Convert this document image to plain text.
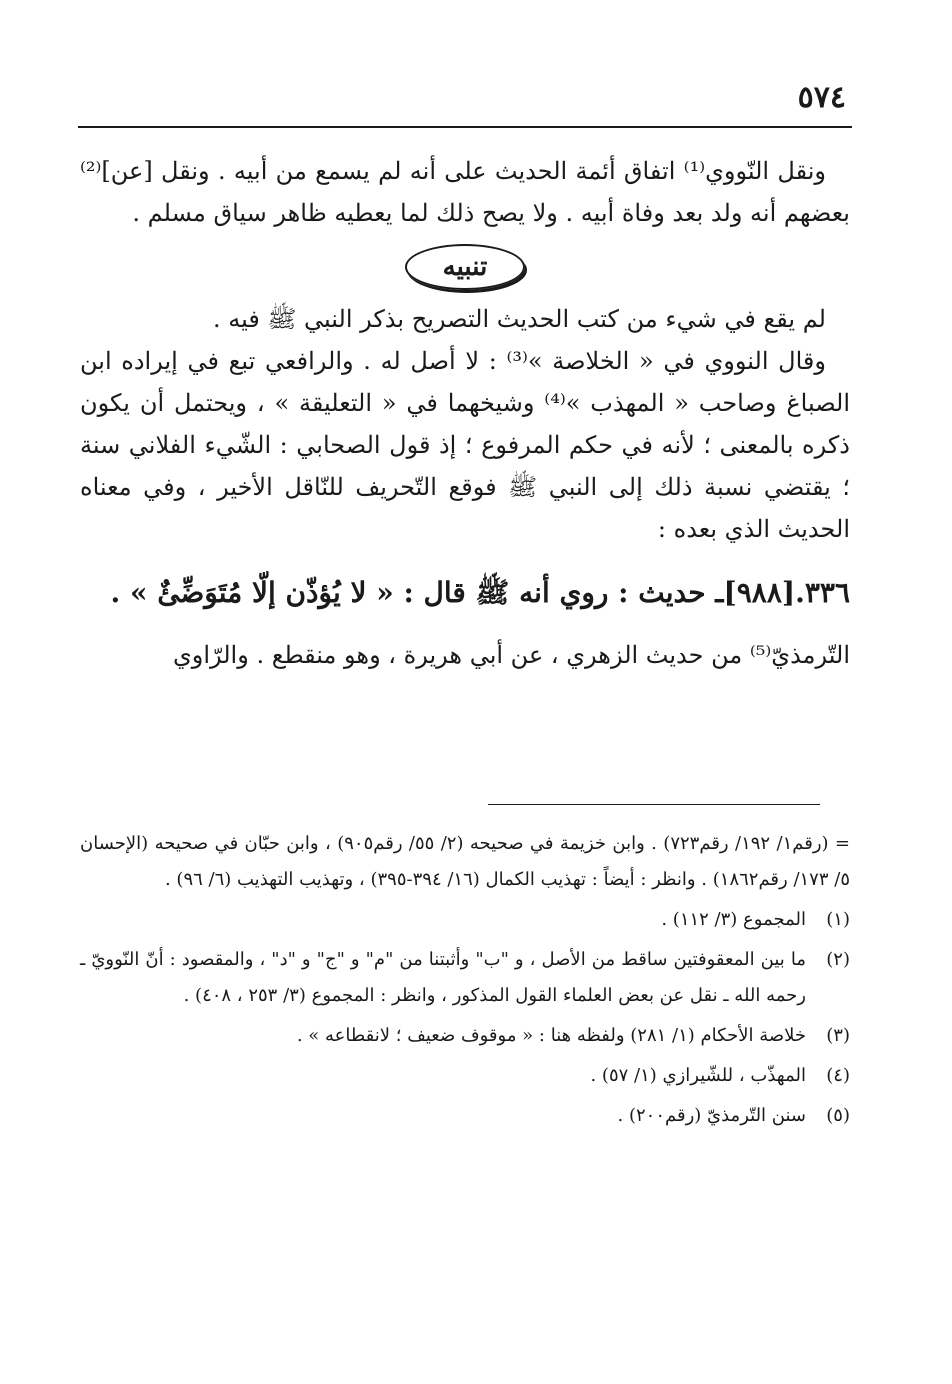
٥٧٤

ونقل النّووي⁽¹⁾ اتفاق أئمة الحديث على أنه لم يسمع من أبيه . ونقل [عن]⁽²⁾ بعضهم أنه ولد بعد وفاة أبيه . ولا يصح ذلك لما يعطيه ظاهر سياق مسلم .

تنبيه

لم يقع في شيء من كتب الحديث التصريح بذكر النبي ﷺ فيه .

وقال النووي في « الخلاصة »⁽³⁾ : لا أصل له . والرافعي تبع في إيراده ابن الصباغ وصاحب « المهذب »⁽⁴⁾ وشيخهما في « التعليقة » ، ويحتمل أن يكون ذكره بالمعنى ؛ لأنه في حكم المرفوع ؛ إذ قول الصحابي : الشّيء الفلاني سنة ؛ يقتضي نسبة ذلك إلى النبي ﷺ فوقع التّحريف للنّاقل الأخير ، وفي معناه الحديث الذي بعده :

٣٣٦.[٩٨٨]ـ حديث : روي أنه ﷺ قال : « لا يُؤذّن إلّا مُتَوَضِّئٌ » .

التّرمذيّ⁽⁵⁾ من حديث الزهري ، عن أبي هريرة ، وهو منقطع . والرّاوي

= (رقم١/ ١٩٢/ رقم٧٢٣) . وابن خزيمة في صحيحه (٢/ ٥٥/ رقم٩٠٥) ، وابن حبّان في صحيحه (الإحسان ٥/ ١٧٣/ رقم١٨٦٢) . وانظر : أيضاً : تهذيب الكمال (١٦/ ٣٩٤-٣٩٥) ، وتهذيب التهذيب (٦/ ٩٦) .

(١)
المجموع (٣/ ١١٢) .

(٢)
ما بين المعقوفتين ساقط من الأصل ، و "ب" وأثبتنا من "م" و "ج" و "د" ، والمقصود : أنّ النّوويّ ـ رحمه الله ـ نقل عن بعض العلماء القول المذكور ، وانظر : المجموع (٣/ ٢٥٣ ، ٤٠٨) .

(٣)
خلاصة الأحكام (١/ ٢٨١) ولفظه هنا : « موقوف ضعيف ؛ لانقطاعه » .

(٤)
المهذّب ، للشّيرازي (١/ ٥٧) .

(٥)
سنن التّرمذيّ (رقم٢٠٠) .
